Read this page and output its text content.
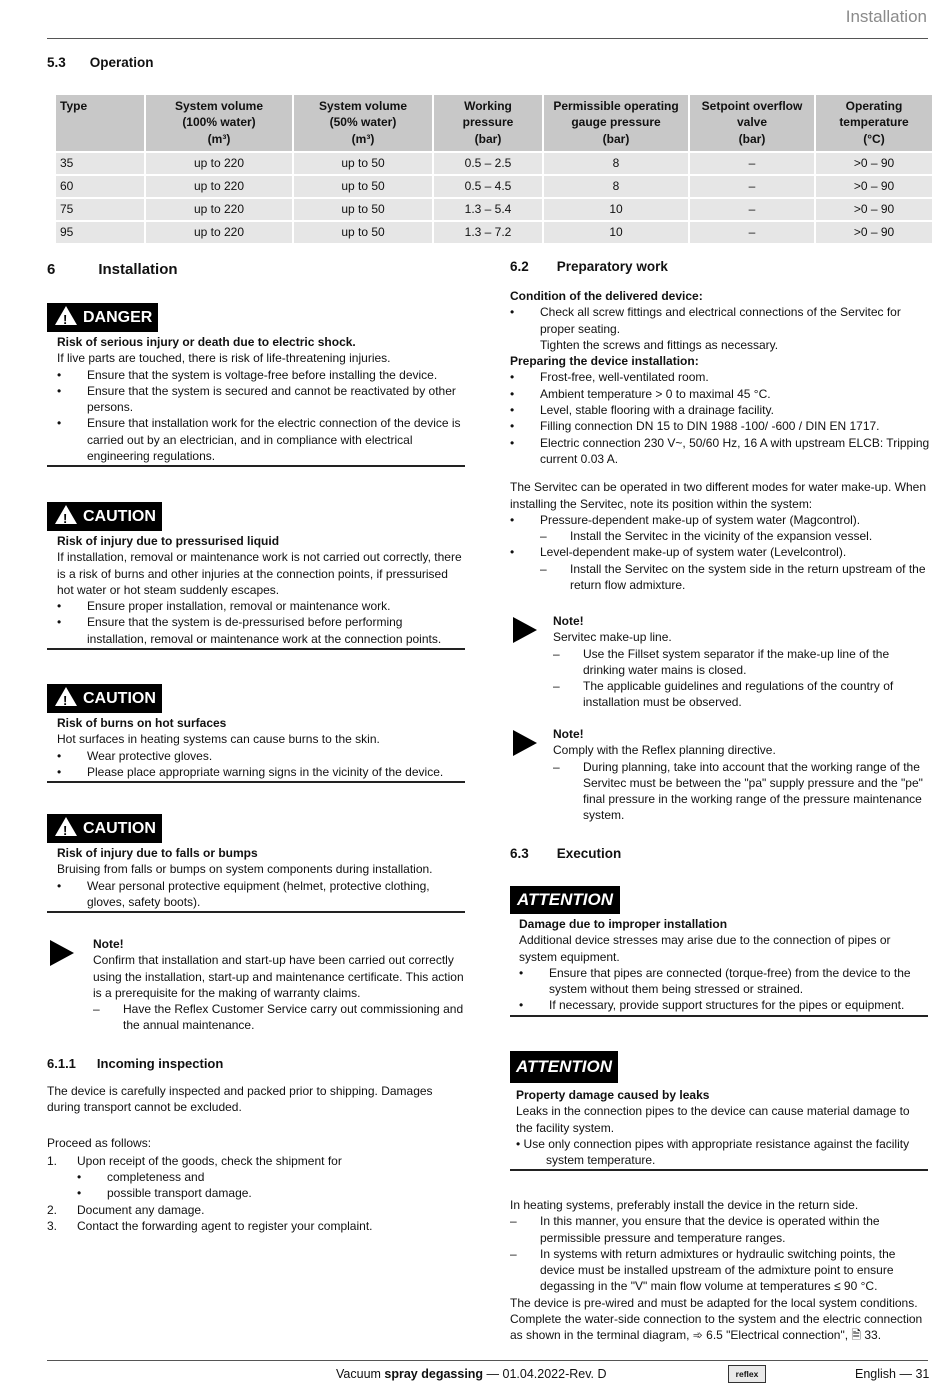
Installation
5.3 Operation
Type	System volume
(100% water)
(m³)	System volume
(50% water)
(m³)	Working pressure
(bar)	Permissible operating
gauge pressure
(bar)	Setpoint overflow
valve
(bar)	Operating
temperature
(°C)
35	up to 220	up to 50	0.5 – 2.5	8	–	>0 – 90
60	up to 220	up to 50	0.5 – 4.5	8	–	>0 – 90
75	up to 220	up to 50	1.3 – 5.4	10	–	>0 – 90
95	up to 220	up to 50	1.3 – 7.2	10	–	>0 – 90
6	Installation
!DANGER

Risk of serious injury or death due to electric shock.

If live parts are touched, there is risk of life-threatening injuries.

• Ensure that the system is voltage-free before installing the device.

• Ensure that the system is secured and cannot be reactivated by other persons.

• Ensure that installation work for the electric connection of the device is carried out by an electrician, and in compliance with electrical engineering regulations.

!CAUTION

Risk of injury due to pressurised liquid

If installation, removal or maintenance work is not carried out correctly, there is a risk of burns and other injuries at the connection points, if pressurised hot water or hot steam suddenly escapes.

• Ensure proper installation, removal or maintenance work.

• Ensure that the system is de-pressurised before performing installation, removal or maintenance work at the connection points.

!CAUTION

Risk of burns on hot surfaces

Hot surfaces in heating systems can cause burns to the skin.

• Wear protective gloves.

• Please place appropriate warning signs in the vicinity of the device.

!CAUTION

Risk of injury due to falls or bumps

Bruising from falls or bumps on system components during installation.

• Wear personal protective equipment (helmet, protective clothing, gloves, safety boots).

Note!

Confirm that installation and start-up have been carried out correctly using the installation, start-up and maintenance certificate. This action is a prerequisite for the making of warranty claims.

– Have the Reflex Customer Service carry out commissioning and the annual maintenance.

6.1.1 Incoming inspection

The device is carefully inspected and packed prior to shipping. Damages during transport cannot be excluded.

Proceed as follows:

1. Upon receipt of the goods, check the shipment for

• completeness and

• possible transport damage.

2. Document any damage.

3. Contact the forwarding agent to register your complaint.

6.2 Preparatory work

Condition of the delivered device:

• Check all screw fittings and electrical connections of the Servitec for proper seating.

Tighten the screws and fittings as necessary.

Preparing the device installation:

• Frost-free, well-ventilated room.

• Ambient temperature > 0 to maximal 45 °C.

• Level, stable flooring with a drainage facility.

• Filling connection DN 15 to DIN 1988 -100/ -600 / DIN EN 1717.

• Electric connection 230 V~, 50/60 Hz, 16 A with upstream ELCB: Tripping current 0.03 A.

The Servitec can be operated in two different modes for water make-up. When installing the Servitec, note its position within the system:

• Pressure-dependent make-up of system water (Magcontrol).

– Install the Servitec in the vicinity of the expansion vessel.

• Level-dependent make-up of system water (Levelcontrol).

– Install the Servitec on the system side in the return upstream of the return flow admixture.

Note!

Servitec make-up line.

– Use the Fillset system separator if the make-up line of the drinking water mains is closed.

– The applicable guidelines and regulations of the country of installation must be observed.

Note!

Comply with the Reflex planning directive.

– During planning, take into account that the working range of the Servitec must be between the "pa" supply pressure and the "pe" final pressure in the working range of the pressure maintenance system.

6.3 Execution
ATTENTION

Damage due to improper installation

Additional device stresses may arise due to the connection of pipes or system equipment.

• Ensure that pipes are connected (torque-free) from the device to the system without them being stressed or strained.

• If necessary, provide support structures for the pipes or equipment.

ATTENTION

Property damage caused by leaks

Leaks in the connection pipes to the device can cause material damage to the facility system.

• Use only connection pipes with appropriate resistance against the facility system temperature.

In heating systems, preferably install the device in the return side.

– In this manner, you ensure that the device is operated within the permissible pressure and temperature ranges.

– In systems with return admixtures or hydraulic switching points, the device must be installed upstream of the admixture point to ensure degassing in the "V" main flow volume at temperatures ≤ 90 °C.

The device is pre-wired and must be adapted for the local system conditions. Complete the water-side connection to the system and the electric connection as shown in the terminal diagram, ➾ 6.5 "Electrical connection", 🗎 33.

Vacuum spray degassing — 01.04.2022-Rev. D	reflex	English — 31
